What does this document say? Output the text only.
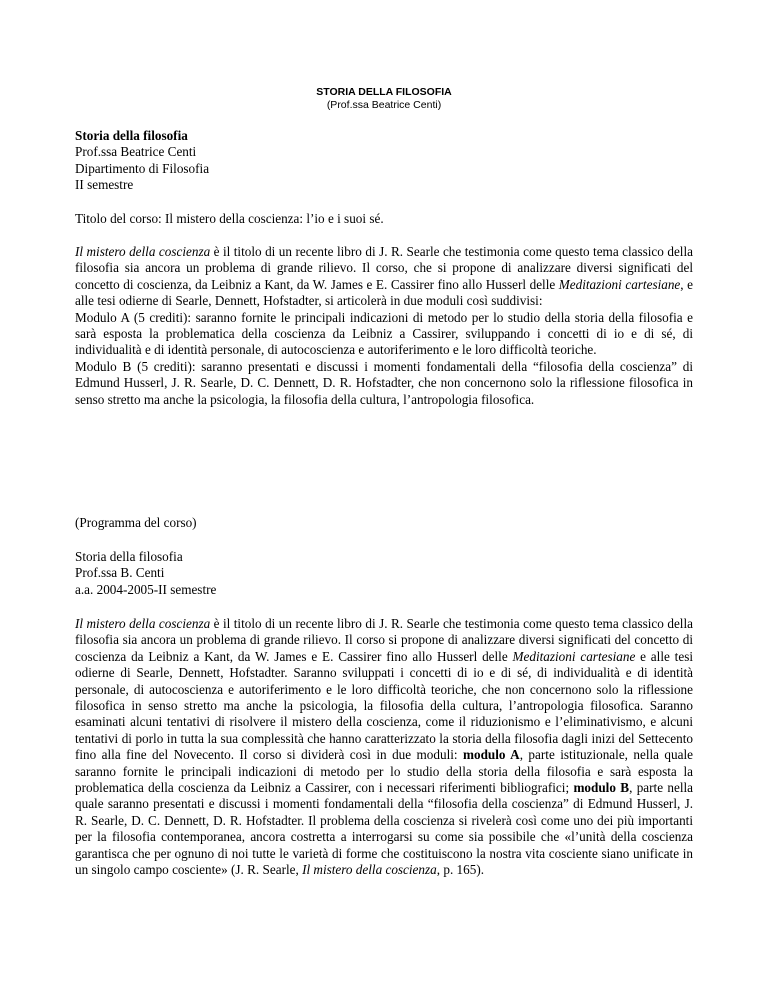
STORIA DELLA FILOSOFIA
(Prof.ssa Beatrice Centi)
Storia della filosofia
Prof.ssa Beatrice Centi
Dipartimento di Filosofia
II semestre
Titolo del corso: Il mistero della coscienza: l’io e i suoi sé.
Il mistero della coscienza è il titolo di un recente libro di J. R. Searle che testimonia come questo tema classico della filosofia sia ancora un problema di grande rilievo. Il corso, che si propone di analizzare diversi significati del concetto di coscienza, da Leibniz a Kant, da W. James e E. Cassirer fino allo Husserl delle Meditazioni cartesiane, e alle tesi odierne di Searle, Dennett, Hofstadter, si articolerà in due moduli così suddivisi:
Modulo A (5 crediti): saranno fornite le principali indicazioni di metodo per lo studio della storia della filosofia e sarà esposta la problematica della coscienza da Leibniz a Cassirer, sviluppando i concetti di io e di sé, di individualità e di identità personale, di autocoscienza e autoriferimento e le loro difficoltà teoriche.
Modulo B (5 crediti): saranno presentati e discussi i momenti fondamentali della “filosofia della coscienza” di Edmund Husserl, J. R. Searle, D. C. Dennett, D. R. Hofstadter, che non concernono solo la riflessione filosofica in senso stretto ma anche la psicologia, la filosofia della cultura, l’antropologia filosofica.
(Programma del corso)
Storia della filosofia
Prof.ssa B. Centi
a.a. 2004-2005-II semestre
Il mistero della coscienza è il titolo di un recente libro di J. R. Searle che testimonia come questo tema classico della filosofia sia ancora un problema di grande rilievo. Il corso si propone di analizzare diversi significati del concetto di coscienza da Leibniz a Kant, da W. James e E. Cassirer fino allo Husserl delle Meditazioni cartesiane e alle tesi odierne di Searle, Dennett, Hofstadter. Saranno sviluppati i concetti di io e di sé, di individualità e di identità personale, di autocoscienza e autoriferimento e le loro difficoltà teoriche, che non concernono solo la riflessione filosofica in senso stretto ma anche la psicologia, la filosofia della cultura, l’antropologia filosofica. Saranno esaminati alcuni tentativi di risolvere il mistero della coscienza, come il riduzionismo e l’eliminativismo, e alcuni tentativi di porlo in tutta la sua complessità che hanno caratterizzato la storia della filosofia dagli inizi del Settecento fino alla fine del Novecento. Il corso si dividerà così in due moduli: modulo A, parte istituzionale, nella quale saranno fornite le principali indicazioni di metodo per lo studio della storia della filosofia e sarà esposta la problematica della coscienza da Leibniz a Cassirer, con i necessari riferimenti bibliografici; modulo B, parte nella quale saranno presentati e discussi i momenti fondamentali della “filosofia della coscienza” di Edmund Husserl, J. R. Searle, D. C. Dennett, D. R. Hofstadter. Il problema della coscienza si rivelerà così come uno dei più importanti per la filosofia contemporanea, ancora costretta a interrogarsi su come sia possibile che «l’unità della coscienza garantisca che per ognuno di noi tutte le varietà di forme che costituiscono la nostra vita cosciente siano unificate in un singolo campo cosciente» (J. R. Searle, Il mistero della coscienza, p. 165).
